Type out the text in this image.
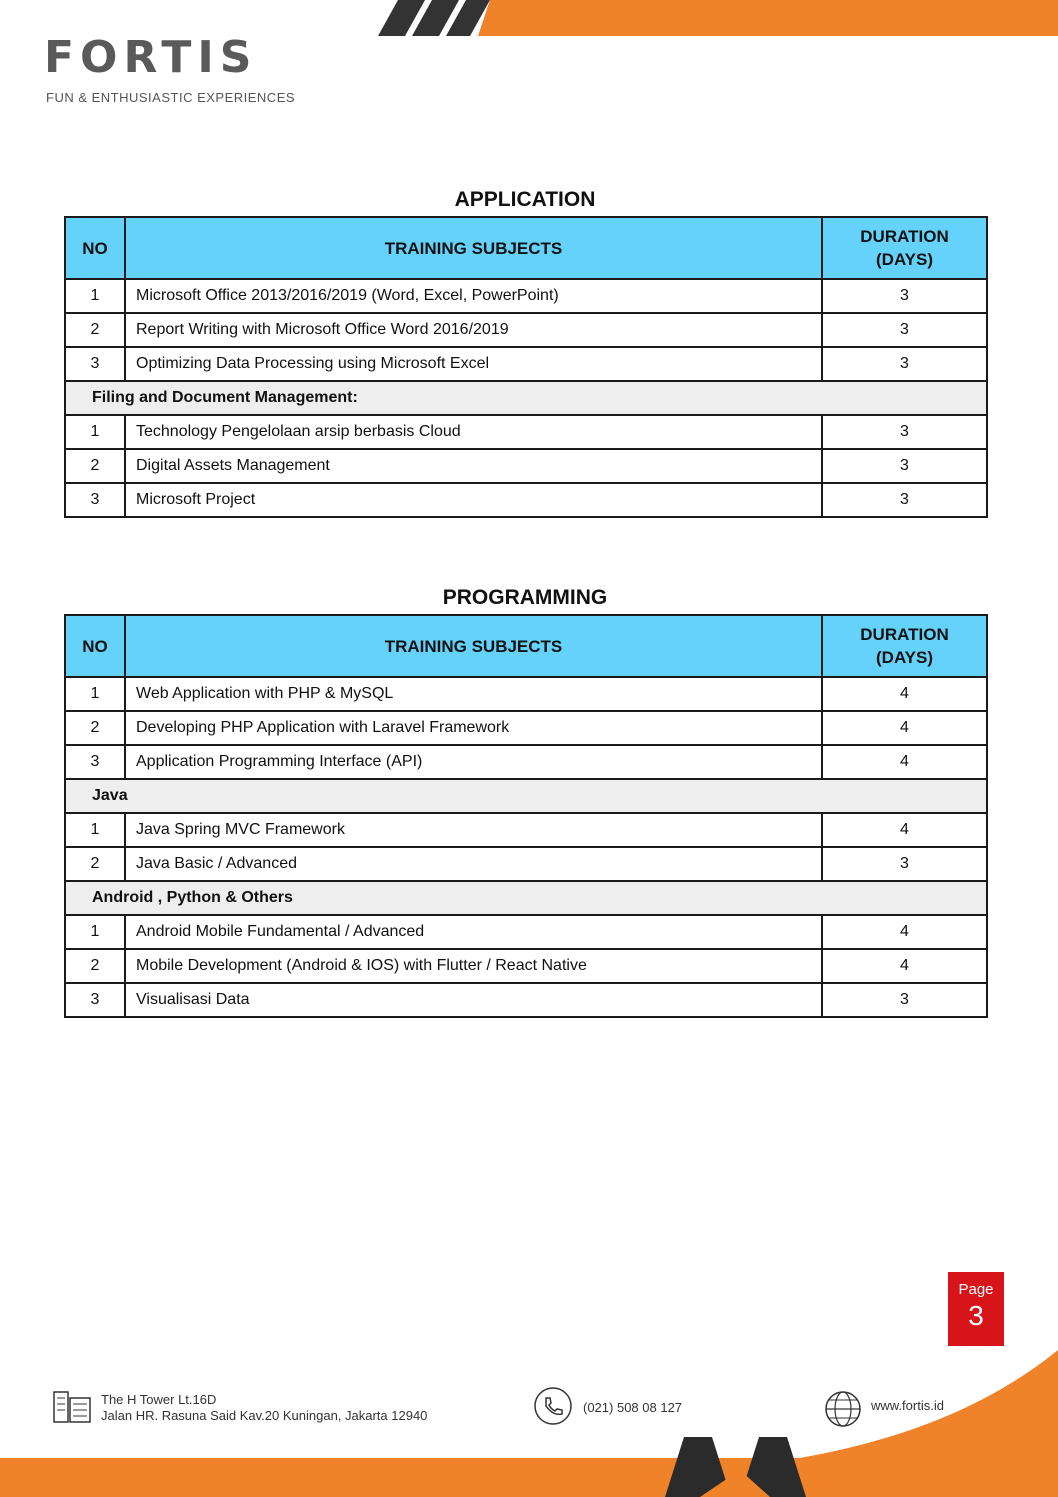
FORTIS
FUN & ENTHUSIASTIC EXPERIENCES
APPLICATION
NO	TRAINING SUBJECTS	DURATION
(DAYS)
1	Microsoft Office 2013/2016/2019 (Word, Excel, PowerPoint)	3
2	Report Writing with Microsoft Office Word 2016/2019	3
3	Optimizing Data Processing using Microsoft Excel	3
Filing and Document Management:		
1	Technology Pengelolaan arsip berbasis Cloud	3
2	Digital Assets Management	3
3	Microsoft Project	3
PROGRAMMING
NO	TRAINING SUBJECTS	DURATION
(DAYS)
1	Web Application with PHP & MySQL	4
2	Developing PHP Application with Laravel Framework	4
3	Application Programming Interface (API)	4
Java		
1	Java Spring MVC Framework	4
2	Java Basic / Advanced	3
Android , Python & Others		
1	Android Mobile Fundamental / Advanced	4
2	Mobile Development (Android & IOS) with Flutter / React Native	4
3	Visualisasi Data	3
Page
3
The H Tower Lt.16D
Jalan HR. Rasuna Said Kav.20 Kuningan, Jakarta 12940
(021) 508 08 127	www.fortis.id
